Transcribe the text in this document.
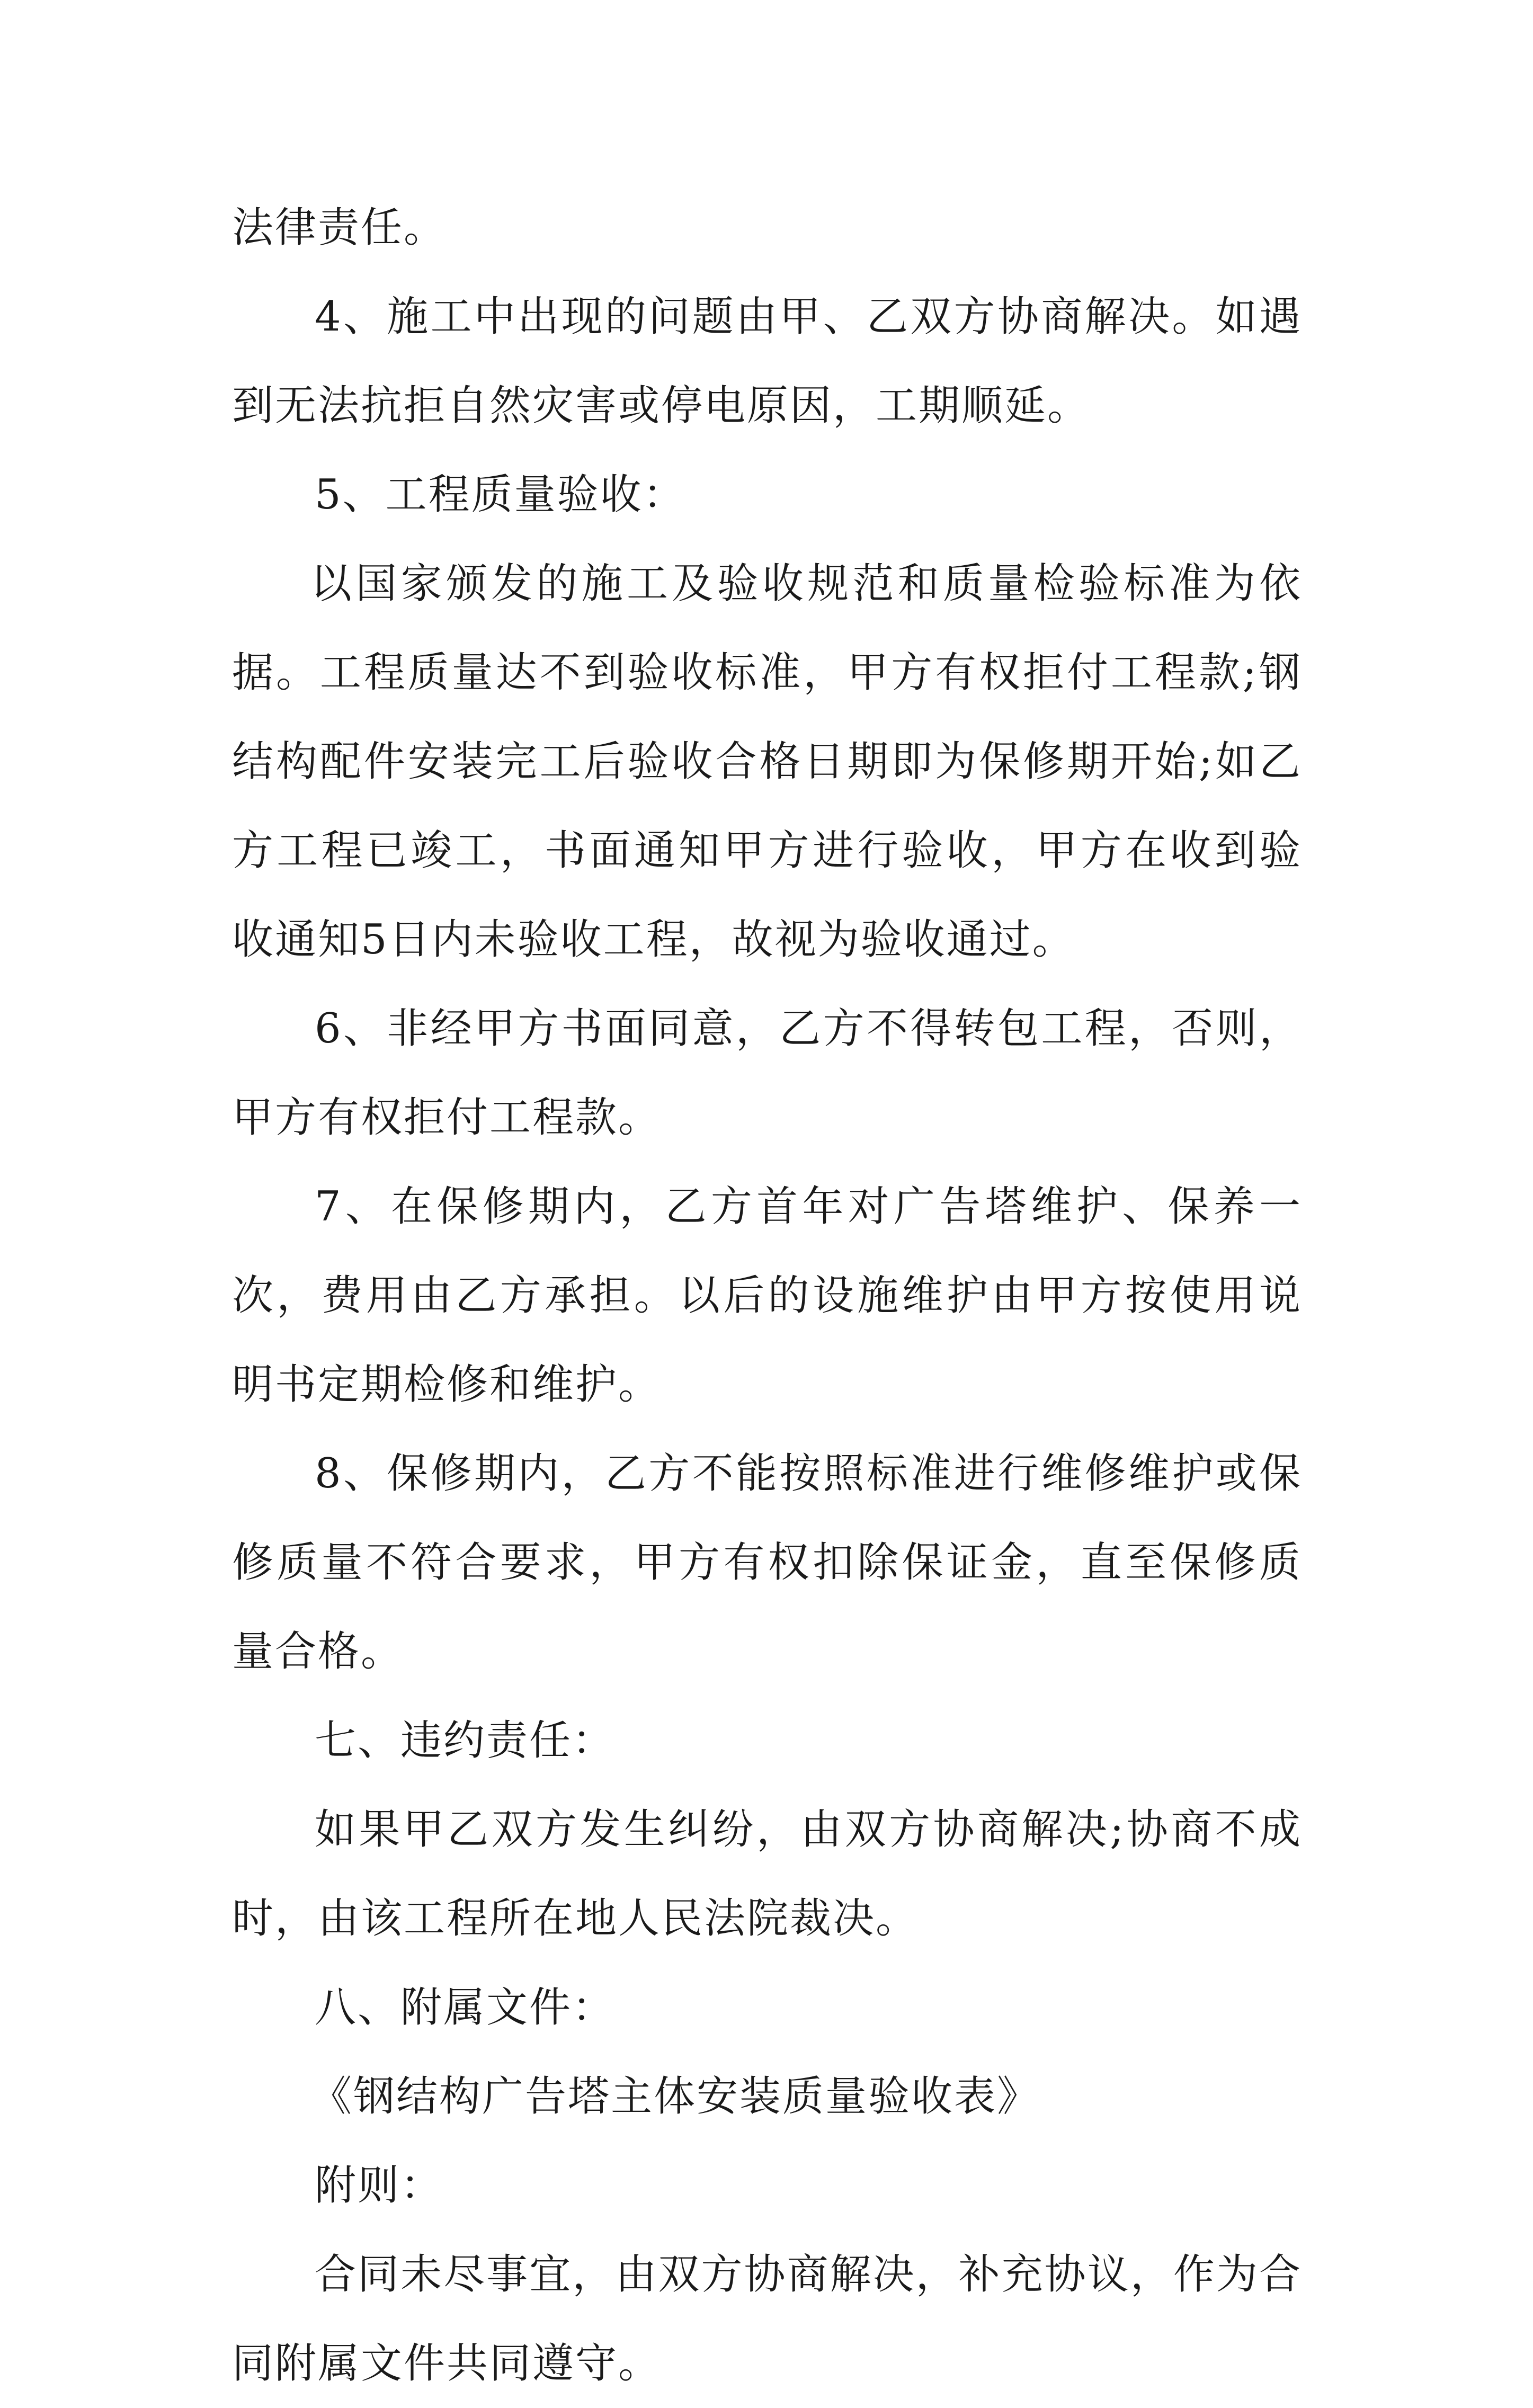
法律责任。

4、施工中出现的问题由甲、乙双方协商解决。如遇到无法抗拒自然灾害或停电原因，工期顺延。

5、工程质量验收：

以国家颁发的施工及验收规范和质量检验标准为依据。工程质量达不到验收标准，甲方有权拒付工程款;钢结构配件安装完工后验收合格日期即为保修期开始;如乙方工程已竣工，书面通知甲方进行验收，甲方在收到验收通知5日内未验收工程，故视为验收通过。

6、非经甲方书面同意，乙方不得转包工程，否则，甲方有权拒付工程款。

7、在保修期内，乙方首年对广告塔维护、保养一次，费用由乙方承担。以后的设施维护由甲方按使用说明书定期检修和维护。

8、保修期内，乙方不能按照标准进行维修维护或保修质量不符合要求，甲方有权扣除保证金，直至保修质量合格。

七、违约责任：

如果甲乙双方发生纠纷，由双方协商解决;协商不成时，由该工程所在地人民法院裁决。

八、附属文件：

《钢结构广告塔主体安装质量验收表》

附则：

合同未尽事宜，由双方协商解决，补充协议，作为合同附属文件共同遵守。
